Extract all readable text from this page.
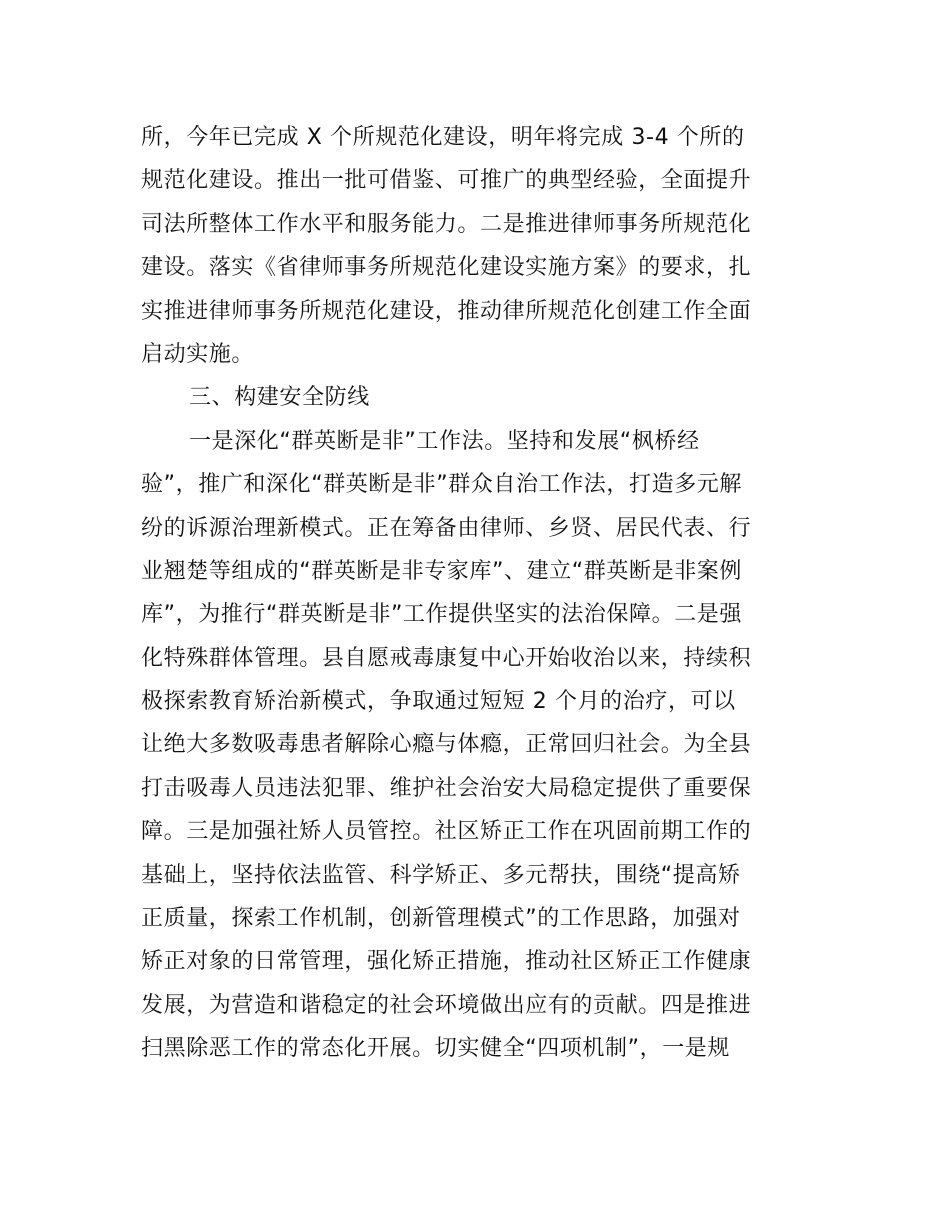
所，今年已完成 X 个所规范化建设，明年将完成 3-4 个所的
规范化建设。推出一批可借鉴、可推广的典型经验，全面提升
司法所整体工作水平和服务能力。二是推进律师事务所规范化
建设。落实《省律师事务所规范化建设实施方案》的要求，扎
实推进律师事务所规范化建设，推动律所规范化创建工作全面
启动实施。
三、构建安全防线
一是深化“群英断是非”工作法。坚持和发展“枫桥经
验”，推广和深化“群英断是非”群众自治工作法，打造多元解
纷的诉源治理新模式。正在筹备由律师、乡贤、居民代表、行
业翘楚等组成的“群英断是非专家库”、建立“群英断是非案例
库”，为推行“群英断是非”工作提供坚实的法治保障。二是强
化特殊群体管理。县自愿戒毒康复中心开始收治以来，持续积
极探索教育矫治新模式，争取通过短短 2 个月的治疗，可以
让绝大多数吸毒患者解除心瘾与体瘾，正常回归社会。为全县
打击吸毒人员违法犯罪、维护社会治安大局稳定提供了重要保
障。三是加强社矫人员管控。社区矫正工作在巩固前期工作的
基础上，坚持依法监管、科学矫正、多元帮扶，围绕“提高矫
正质量，探索工作机制，创新管理模式”的工作思路，加强对
矫正对象的日常管理，强化矫正措施，推动社区矫正工作健康
发展，为营造和谐稳定的社会环境做出应有的贡献。四是推进
扫黑除恶工作的常态化开展。切实健全“四项机制”，一是规
